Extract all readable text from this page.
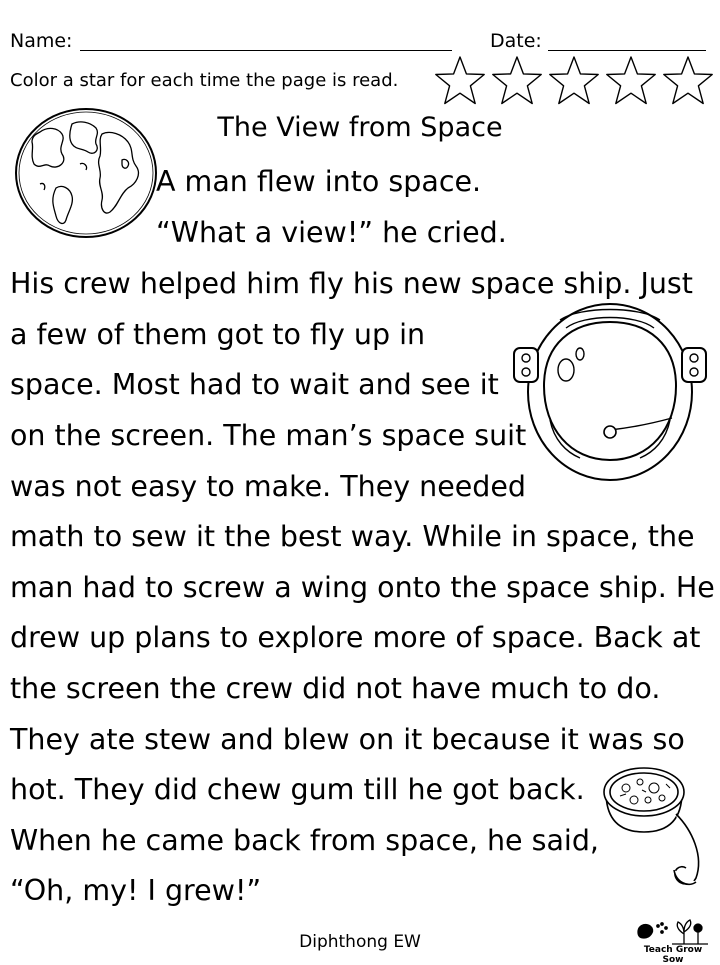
Name:	Date:
Color a star for each time the page is read.
The View from Space

A man flew into space.

“What a view!” he cried.

His crew helped him fly his new space ship. Just

a few of them got to fly up in

space. Most had to wait and see it

on the screen. The man’s space suit

was not easy to make. They needed

math to sew it the best way. While in space, the

man had to screw a wing onto the space ship. He

drew up plans to explore more of space. Back at

the screen the crew did not have much to do.

They ate stew and blew on it because it was so

hot. They did chew gum till he got back.

When he came back from space, he said,

“Oh, my! I grew!”

Diphthong EW	Teach Grow Sow
